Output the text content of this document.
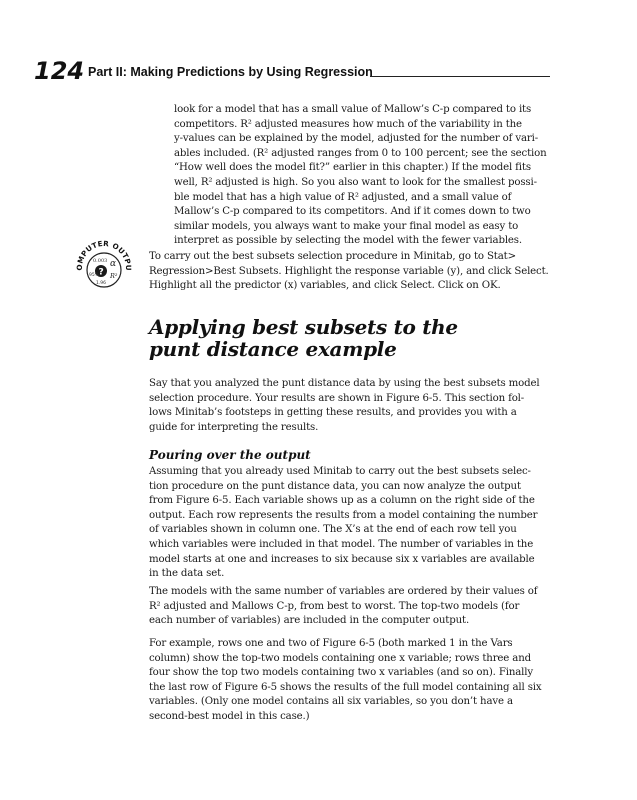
124 Part II: Making Predictions by Using Regression
look for a model that has a small value of Mallow’s C-p compared to its
competitors. R² adjusted measures how much of the variability in the
y-values can be explained by the model, adjusted for the number of vari-
ables included. (R² adjusted ranges from 0 to 100 percent; see the section
“How well does the model fit?” earlier in this chapter.) If the model fits
well, R² adjusted is high. So you also want to look for the smallest possi-
ble model that has a high value of R² adjusted, and a small value of
Mallow’s C-p compared to its competitors. And if it comes down to two
similar models, you always want to make your final model as easy to
interpret as possible by selecting the model with the fewer variables.
OMPUTER OUTPU
0.003 α
? R²
95%
1.96
To carry out the best subsets selection procedure in Minitab, go to Stat>
Regression>Best Subsets. Highlight the response variable (y), and click Select.
Highlight all the predictor (x) variables, and click Select. Click on OK.
Applying best subsets to the
punt distance example
Say that you analyzed the punt distance data by using the best subsets model
selection procedure. Your results are shown in Figure 6-5. This section fol-
lows Minitab’s footsteps in getting these results, and provides you with a
guide for interpreting the results.
Pouring over the output
Assuming that you already used Minitab to carry out the best subsets selec-
tion procedure on the punt distance data, you can now analyze the output
from Figure 6-5. Each variable shows up as a column on the right side of the
output. Each row represents the results from a model containing the number
of variables shown in column one. The X’s at the end of each row tell you
which variables were included in that model. The number of variables in the
model starts at one and increases to six because six x variables are available
in the data set.
The models with the same number of variables are ordered by their values of
R² adjusted and Mallows C-p, from best to worst. The top-two models (for
each number of variables) are included in the computer output.
For example, rows one and two of Figure 6-5 (both marked 1 in the Vars
column) show the top-two models containing one x variable; rows three and
four show the top two models containing two x variables (and so on). Finally
the last row of Figure 6-5 shows the results of the full model containing all six
variables. (Only one model contains all six variables, so you don’t have a
second-best model in this case.)
